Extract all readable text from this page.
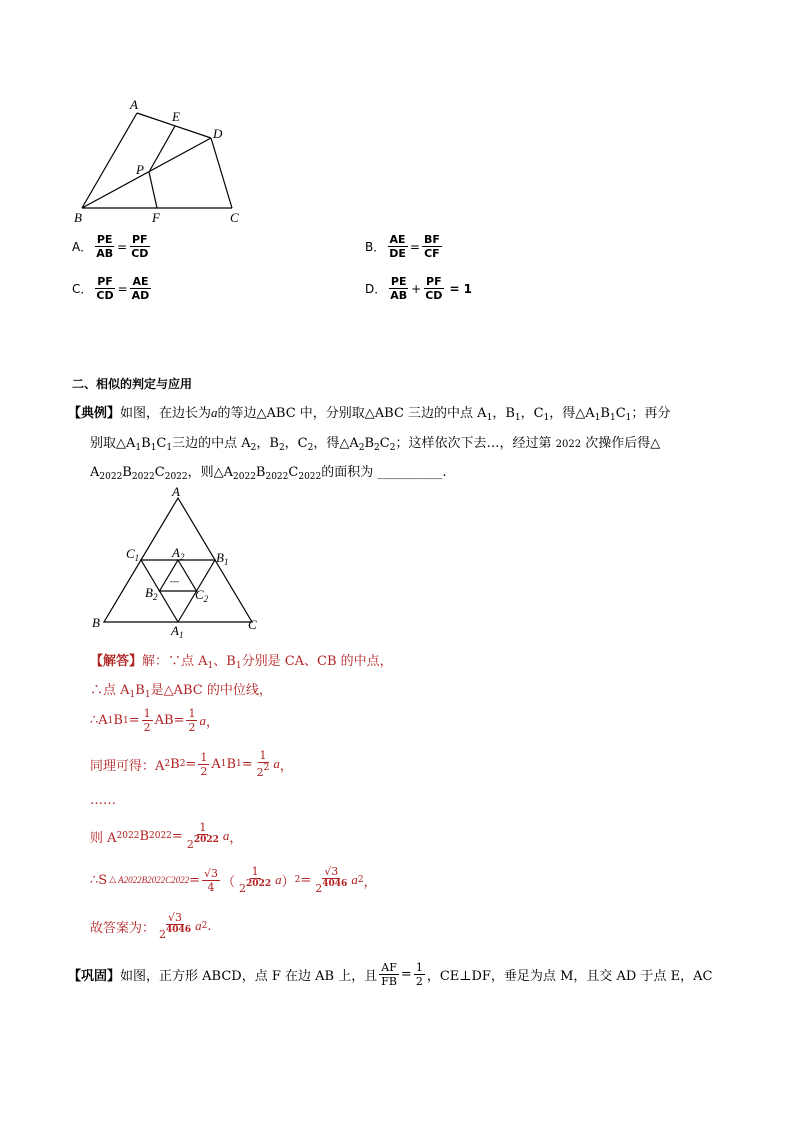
A
E
D
P
B	F	C
A． $\frac{PE}{AB} = \frac{PF}{CD}$	B． $\frac{AE}{DE} = \frac{BF}{CF}$
C． $\frac{PF}{CD} = \frac{AE}{AD}$	D． $\frac{PE}{AB} + \frac{PF}{CD} = 1$
二、相似的判定与应用
【典例】如图，在边长为a的等边△ABC 中，分别取△ABC 三边的中点 $A_1$，$B_1$，$C_1$，得$\triangle A_1B_1C_1$；再分
别取$\triangle A_1B_1C_1$三边的中点 $A_2$，$B_2$，$C_2$，得$\triangle A_2B_2C_2$；这样依次下去…，经过第 2022 次操作后得△
$A_{2022}B_{2022}C_{2022}$，则$\triangle A_{2022}B_{2022}C_{2022}$的面积为 __________.
A
B	C
$C_1$	$B_1$
$A_2$
$B_2$	$C_2$
$A_1$
---
【解答】解：∵点 $A_1$、$B_1$分别是 CA、CB 的中点，
∴点 $A_1B_1$是△ABC 的中位线，
∴A 1 B $1 = \frac{1}{2}$ AB = $\frac{1}{2}$ a ，
同理可得：A 2 B $2 = \frac{1}{2}$ A 1 B $1 = \frac{1}{2^2}$ a ，
……
则 A 2022 B $2022 = \frac{1}{2^{2022}}$ a ，
∴S △ $A2022B2022C2022 = \frac{√3}{4}$ （ $\frac{1}{2^{2022}}$ a ） $2 = \frac{√3}{2^{4046}}$ a 2 ，
故答案为： $\frac{√3}{2^{4046}}$ a 2 .
【巩固】 如图，正方形 ABCD，点 F 在边 AB 上，且 $\frac{AF}{FB} = \frac{1}{2}$ ，CE⊥DF，垂足为点 M，且交 AD 于点 E，AC
